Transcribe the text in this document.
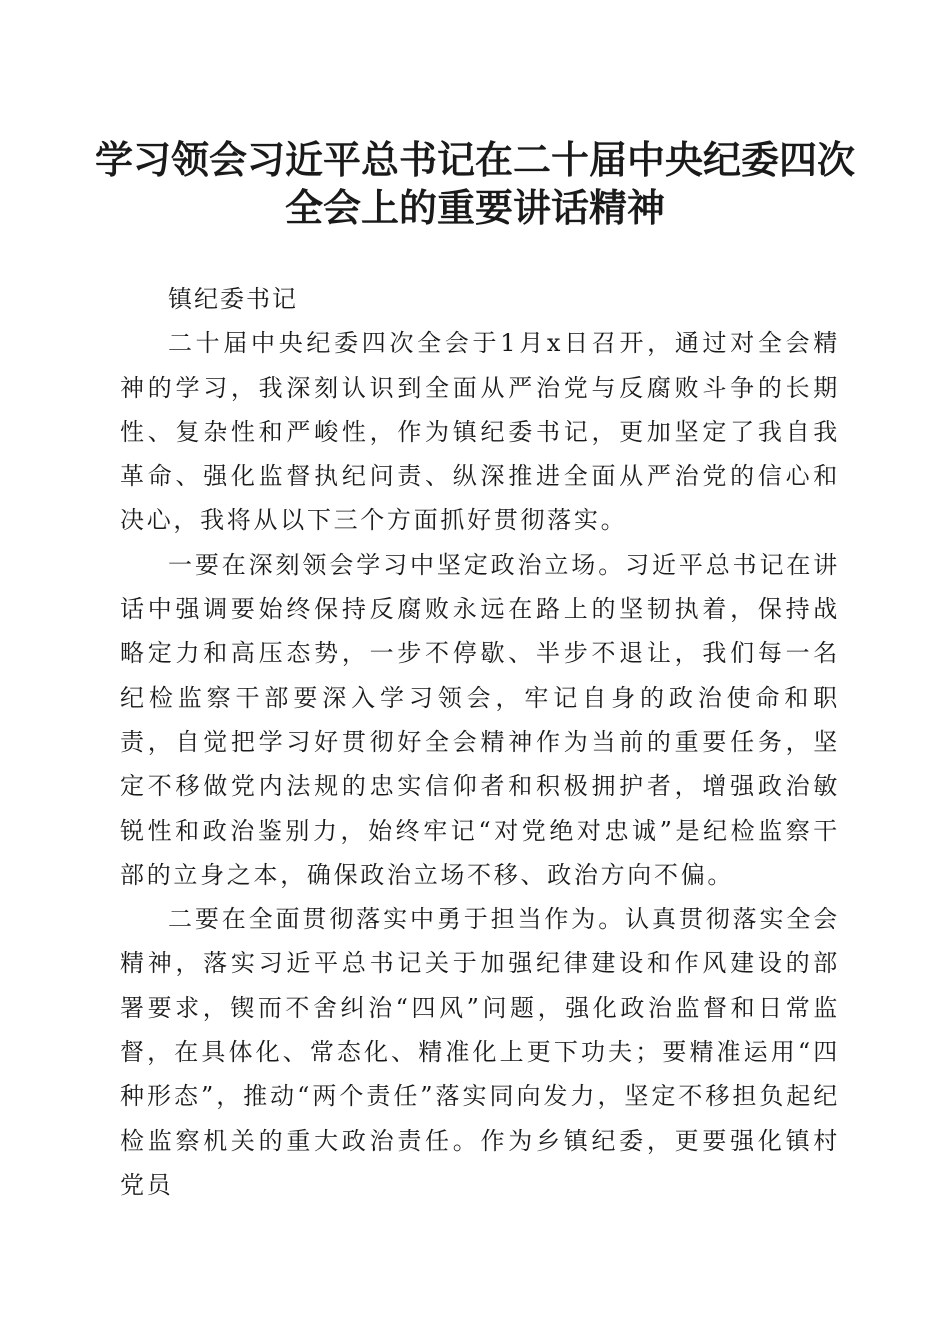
学习领会习近平总书记在二十届中央纪委四次
全会上的重要讲话精神

镇纪委书记

二十届中央纪委四次全会于1月x日召开，通过对全会精神的学习，我深刻认识到全面从严治党与反腐败斗争的长期性、复杂性和严峻性，作为镇纪委书记，更加坚定了我自我革命、强化监督执纪问责、纵深推进全面从严治党的信心和决心，我将从以下三个方面抓好贯彻落实。

一要在深刻领会学习中坚定政治立场。习近平总书记在讲话中强调要始终保持反腐败永远在路上的坚韧执着，保持战略定力和高压态势，一步不停歇、半步不退让，我们每一名纪检监察干部要深入学习领会，牢记自身的政治使命和职责，自觉把学习好贯彻好全会精神作为当前的重要任务，坚定不移做党内法规的忠实信仰者和积极拥护者，增强政治敏锐性和政治鉴别力，始终牢记“对党绝对忠诚”是纪检监察干部的立身之本，确保政治立场不移、政治方向不偏。

二要在全面贯彻落实中勇于担当作为。认真贯彻落实全会精神，落实习近平总书记关于加强纪律建设和作风建设的部署要求，锲而不舍纠治“四风”问题，强化政治监督和日常监督，在具体化、常态化、精准化上更下功夫；要精准运用“四种形态”，推动“两个责任”落实同向发力，坚定不移担负起纪检监察机关的重大政治责任。作为乡镇纪委，更要强化镇村党员
